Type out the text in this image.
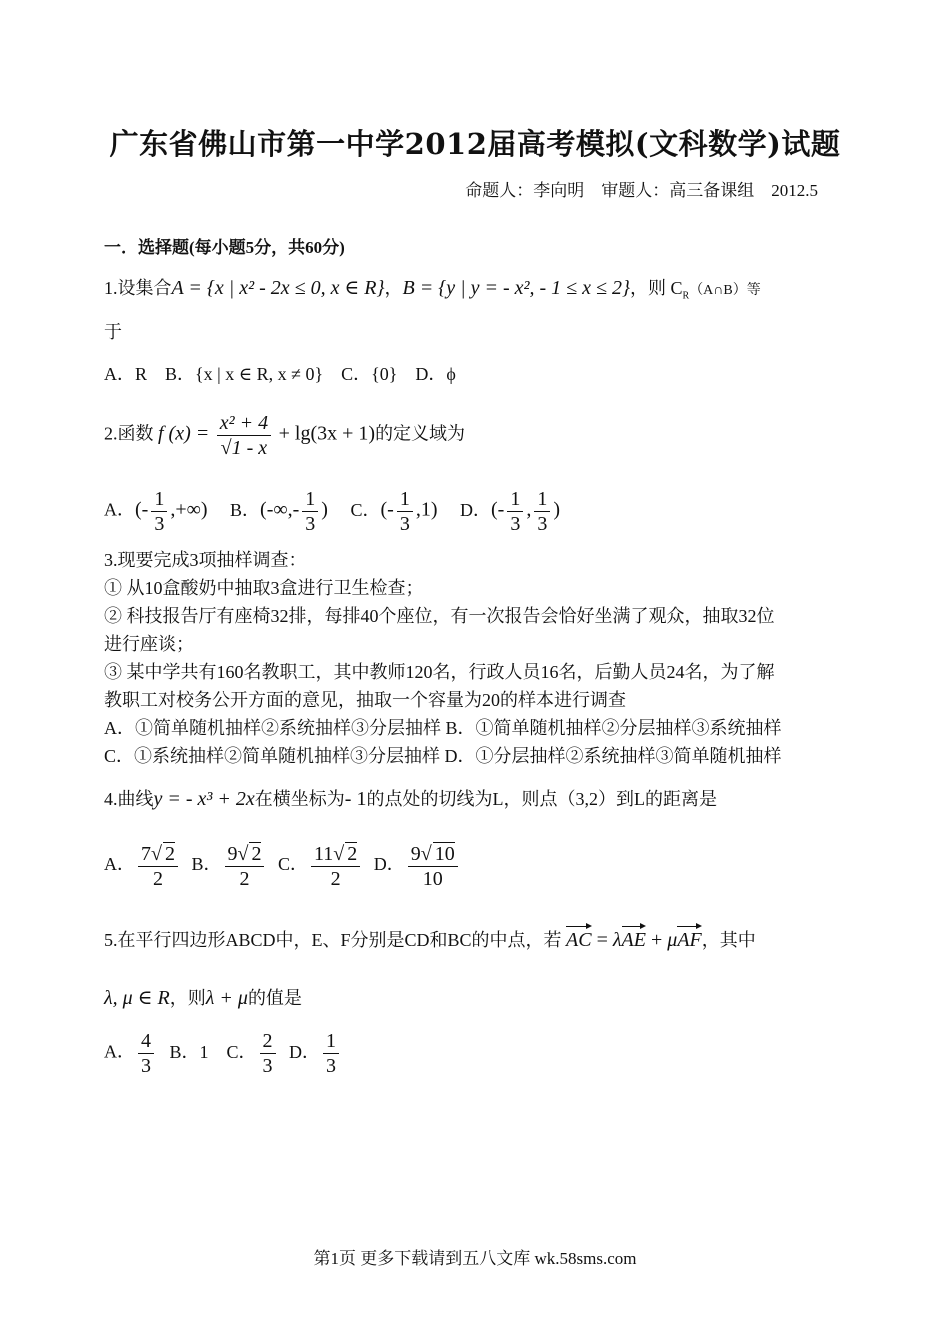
广东省佛山市第一中学2012届高考模拟(文科数学)试题
命题人：李向明　审题人：高三备课组　2012.5
一．选择题(每小题5分，共60分)
1.设集合A = {x | x² - 2x ≤ 0, x ∈ R}，B = {y | y = - x², - 1 ≤ x ≤ 2}，则 $C_R(A\cap B)$等
于
A．R　B．{x | x ∈ R, x ≠ 0}　C．{0}　D．ϕ
2.函数 f $(x) = \frac{\text{x² + 4}}{√1 - x} + \lg(3x + 1)$的定义域为
A．(- $\frac{1}{3}$ ,+∞) B．(-∞,- $\frac{1}{3}$ ) C．(- $\frac{1}{3} ,1$) D．(- $\frac{1}{3}$ , $\frac{1}{3}$ )
3.现要完成3项抽样调查：
① 从10盒酸奶中抽取3盒进行卫生检查；
② 科技报告厅有座椅32排，每排40个座位，有一次报告会恰好坐满了观众，抽取32位
进行座谈；
③ 某中学共有160名教职工，其中教师120名，行政人员16名，后勤人员24名，为了解
教职工对校务公开方面的意见，抽取一个容量为20的样本进行调查
A．①简单随机抽样②系统抽样③分层抽样 B．①简单随机抽样②分层抽样③系统抽样
C．①系统抽样②简单随机抽样③分层抽样 D．①分层抽样②系统抽样③简单随机抽样
4.曲线y = - x³ + 2x在横坐标为- 1的点处的切线为L，则点（3,2）到L的距离是
A． $\frac{7√ 2}{2}$ B． $\frac{9√ 2}{2}$ C． $\frac{11√ 2}{2}$ D． $\frac{9√ 10}{10}$
5.在平行四边形ABCD中，E、F分别是CD和BC的中点，若 AC = λAE + μAF，其中
λ, μ ∈ R，则λ + μ的值是
A． $\frac{4}{3}$ B．1　C． $\frac{2}{3}$ D． $\frac{1}{3}$
第1页 更多下载请到五八文库 wk.58sms.com
